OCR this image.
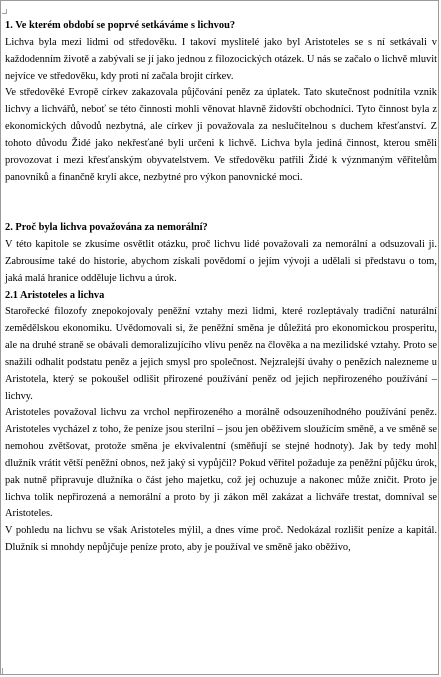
1. Ve kterém období se poprvé setkáváme s lichvou?

Lichva byla mezi lidmi od středověku. I takoví myslitelé jako byl Aristoteles se s ní setkávali v každodenním životě a zabývali se jí jako jednou z filozocických otázek. U nás se začalo o lichvě mluvit nejvíce ve středověku, kdy proti ní začala brojit církev.

Ve středověké Evropě církev zakazovala půjčování peněz za úplatek. Tato skutečnost podnítila vznik lichvy a lichvářů, neboť se této činnosti mohli věnovat hlavně židovští obchodníci. Tyto činnost byla z ekonomických důvodů nezbytná, ale církev ji považovala za neslučitelnou s duchem křesťanství. Z tohoto důvodu Židé jako nekřesťané byli určeni k lichvě. Lichva byla jediná činnost, kterou směli provozovat i mezi křesťanským obyvatelstvem. Ve středověku patřili Židé k význmaným věřitelům panovníků a finančně kryli akce, nezbytné pro výkon panovnické moci.

2. Proč byla lichva považována za nemorální?

V této kapitole se zkusíme osvětlit otázku, proč lichvu lidé považovali za nemorální a odsuzovali ji. Zabrousíme také do historie, abychom získali povědomí o jejím vývoji a udělali si představu o tom, jaká malá hranice odděluje lichvu a úrok.

2.1 Aristoteles a lichva

Starořecké filozofy znepokojovaly peněžní vztahy mezi lidmi, které rozleptávaly tradiční naturální zemědělskou ekonomiku. Uvědomovali si, že peněžní směna je důležitá pro ekonomickou prosperitu, ale na druhé straně se obávali demoralizujícího vlivu peněz na člověka a na mezilidské vztahy. Proto se snažili odhalit podstatu peněz a jejich smysl pro společnost. Nejzralejší úvahy o penězích nalezneme u Aristotela, který se pokoušel odlišit přirozené používání peněz od jejich nepřirozeného používání – lichvy.

Aristoteles považoval lichvu za vrchol nepřirozeného a morálně odsouzeníhodného používání peněz. Aristoteles vycházel z toho, že peníze jsou sterilní – jsou jen oběživem sloužícím směně, a ve směně se nemohou zvětšovat, protože směna je ekvivalentní (směňují se stejné hodnoty). Jak by tedy mohl dlužník vrátit větší peněžní obnos, než jaký si vypůjčil? Pokud věřitel požaduje za peněžní půjčku úrok, pak nutně připravuje dlužníka o část jeho majetku, což jej ochuzuje a nakonec může zničit. Proto je lichva tolik nepřirozená a nemorální a proto by ji zákon měl zakázat a lichváře trestat, domníval se Aristoteles.

V pohledu na lichvu se však Aristoteles mýlil, a dnes víme proč. Nedokázal rozlišit peníze a kapitál. Dlužník si mnohdy nepůjčuje peníze proto, aby je používal ve směně jako oběživo,
